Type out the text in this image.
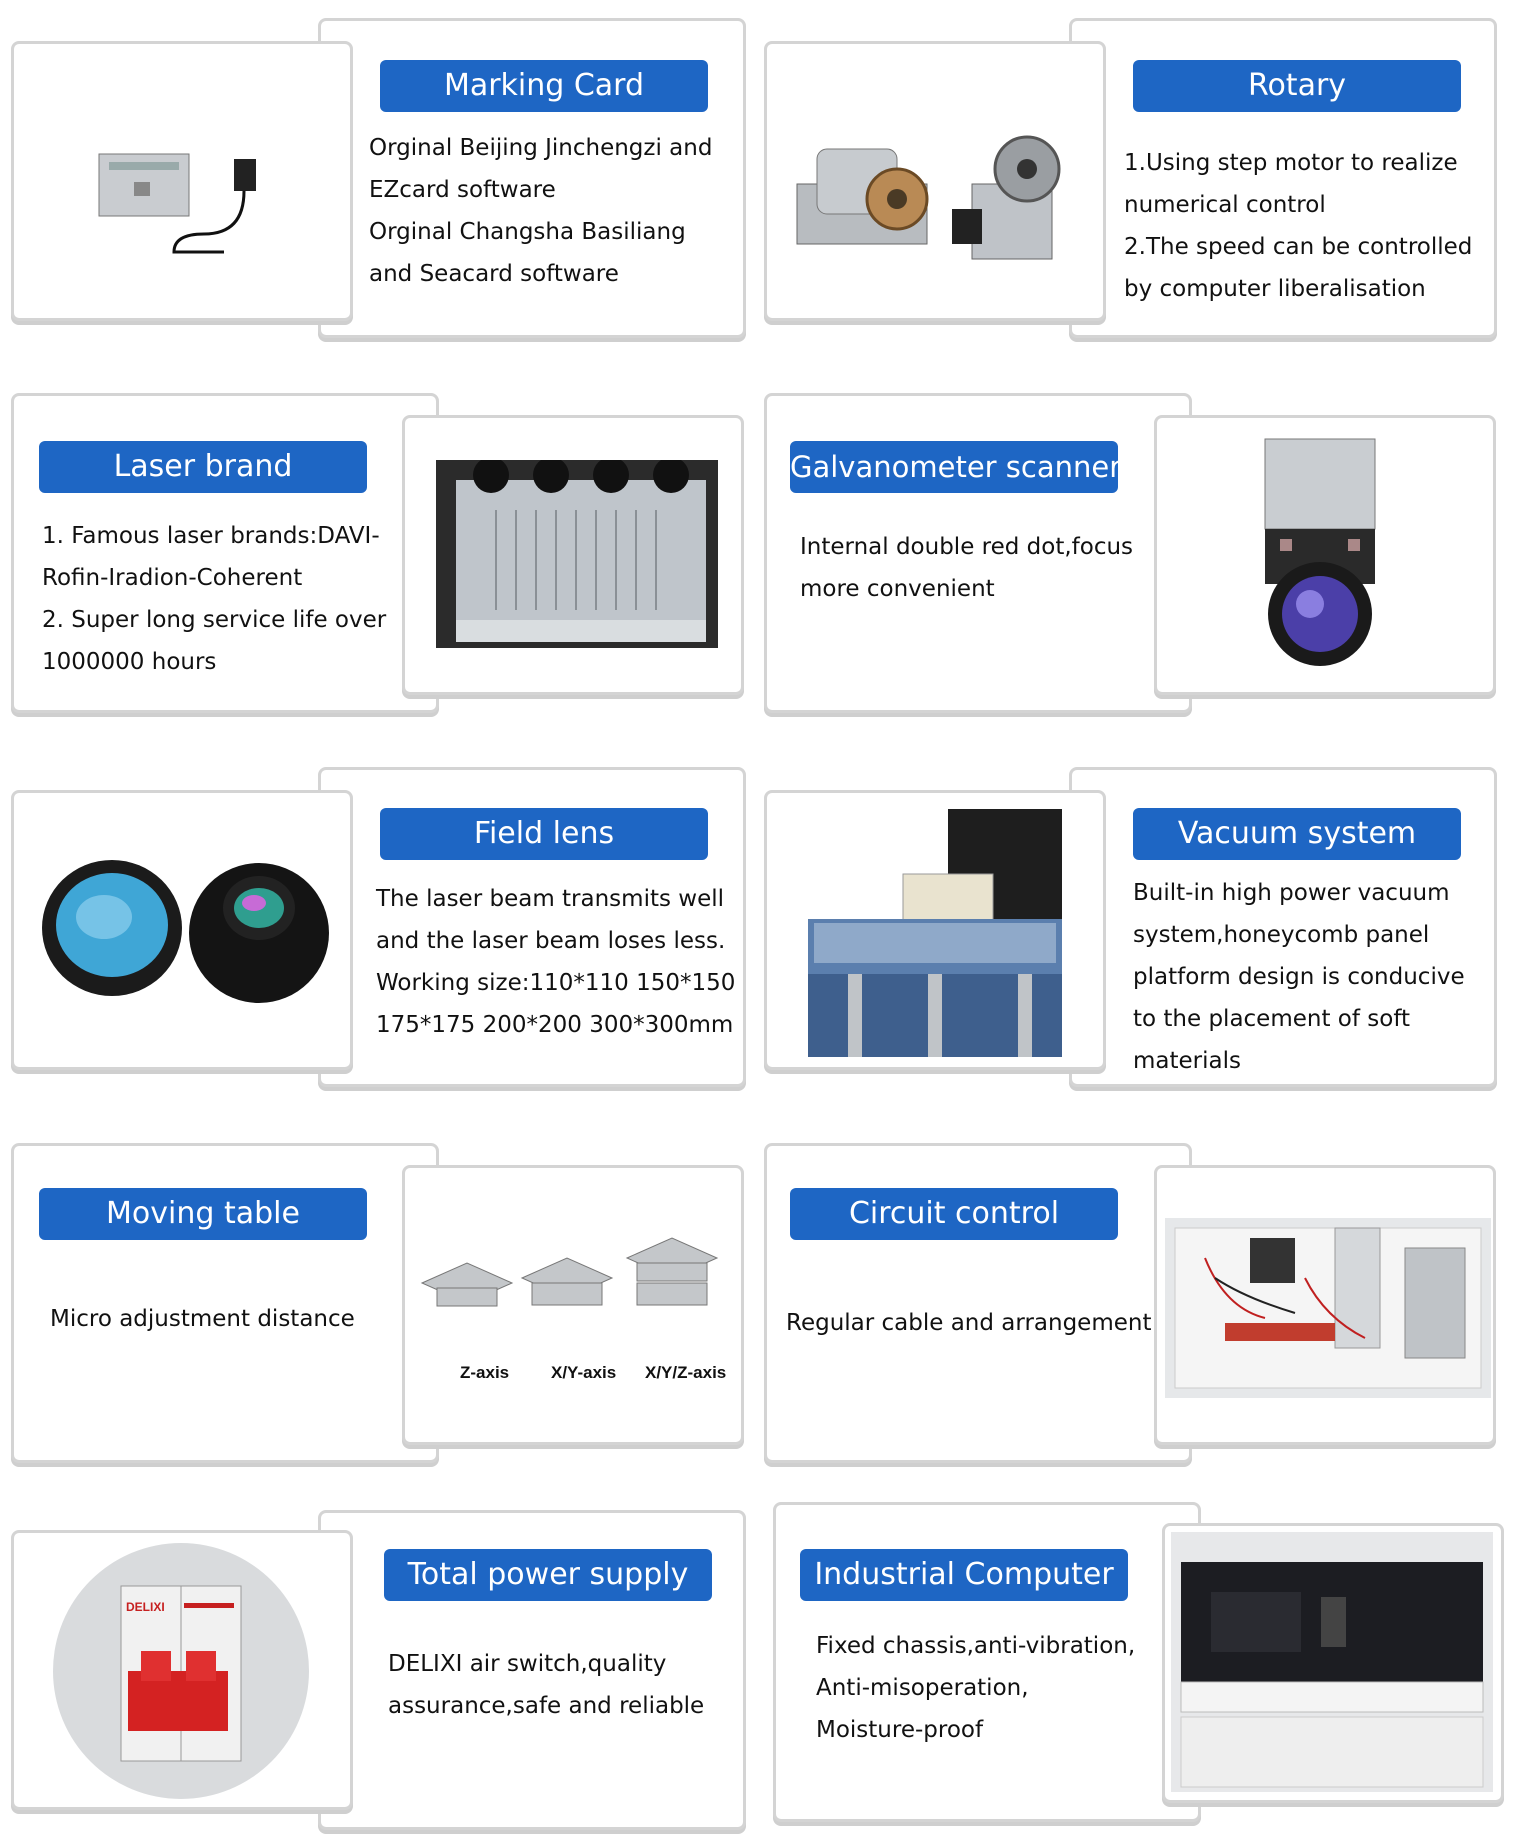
Marking Card
Orginal Beijing Jinchengzi and
EZcard software
Orginal Changsha Basiliang
and Seacard software
Rotary
1.Using step motor to realize
numerical control
2.The speed can be controlled
by computer liberalisation
Laser brand
1. Famous laser brands:DAVI-
Rofin-Iradion-Coherent
2. Super long service life over
1000000 hours
Galvanometer scanner
Internal double red dot,focus
more convenient
Field lens
The laser beam transmits well
and the laser beam loses less.
Working size:110*110 150*150
175*175 200*200 300*300mm
Vacuum system
Built-in high power vacuum
system,honeycomb panel
platform design is conducive
to the placement of soft
materials
Z-axis X/Y-axis X/Y/Z-axis
Moving table
Micro adjustment distance
Circuit control
Regular cable and arrangement
DELIXI
Total power supply
DELIXI air switch,quality
assurance,safe and reliable
Industrial Computer
Fixed chassis,anti-vibration,
Anti-misoperation,
Moisture-proof
